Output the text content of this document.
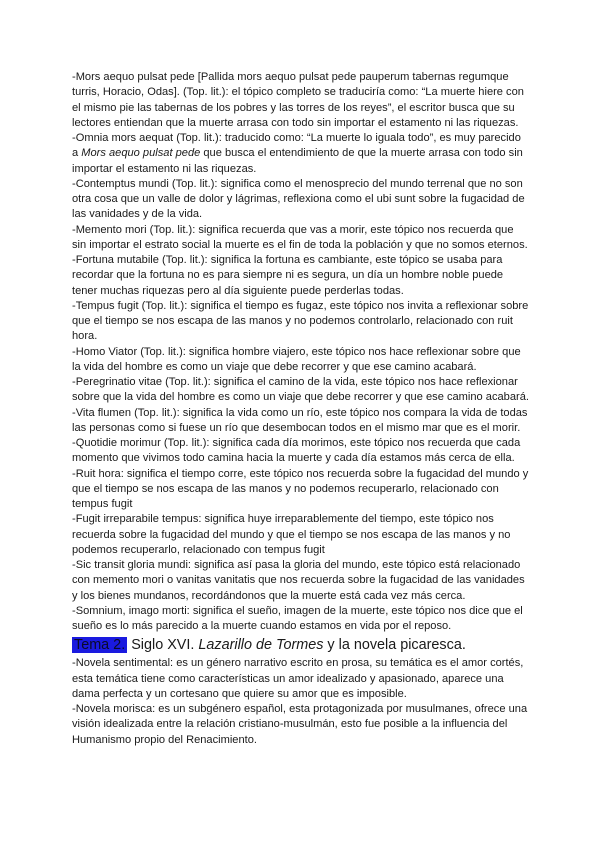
-Mors aequo pulsat pede [Pallida mors aequo pulsat pede pauperum tabernas regumque turris, Horacio, Odas]. (Top. lit.): el tópico completo se traduciría como: “La muerte hiere con el mismo pie las tabernas de los pobres y las torres de los reyes”, el escritor busca que su lectores entiendan que la muerte arrasa con todo sin importar el estamento ni las riquezas.

-Omnia mors aequat (Top. lit.): traducido como: “La muerte lo iguala todo”, es muy parecido a Mors aequo pulsat pede que busca el entendimiento de que la muerte arrasa con todo sin importar el estamento ni las riquezas.

-Contemptus mundi (Top. lit.): significa como el menosprecio del mundo terrenal que no son otra cosa que un valle de dolor y lágrimas, reflexiona como el ubi sunt sobre la fugacidad de las vanidades y de la vida.

-Memento mori (Top. lit.): significa recuerda que vas a morir, este tópico nos recuerda que sin importar el estrato social la muerte es el fin de toda la población y que no somos eternos.

-Fortuna mutabile (Top. lit.): significa la fortuna es cambiante, este tópico se usaba para recordar que la fortuna no es para siempre ni es segura, un día un hombre noble puede tener muchas riquezas pero al día siguiente puede perderlas todas.

-Tempus fugit (Top. lit.): significa el tiempo es fugaz, este tópico nos invita a reflexionar sobre que el tiempo se nos escapa de las manos y no podemos controlarlo, relacionado con ruit hora.

-Homo Viator (Top. lit.): significa hombre viajero, este tópico nos hace reflexionar sobre que la vida del hombre es como un viaje que debe recorrer y que ese camino acabará.

-Peregrinatio vitae (Top. lit.): significa el camino de la vida, este tópico nos hace reflexionar sobre que la vida del hombre es como un viaje que debe recorrer y que ese camino acabará.

-Vita flumen (Top. lit.): significa la vida como un río, este tópico nos compara la vida de todas las personas como si fuese un río que desembocan todos en el mismo mar que es el morir.

-Quotidie morimur (Top. lit.): significa cada día morimos, este tópico nos recuerda que cada momento que vivimos todo camina hacia la muerte y cada día estamos más cerca de ella.

-Ruit hora: significa el tiempo corre, este tópico nos recuerda sobre la fugacidad del mundo y que el tiempo se nos escapa de las manos y no podemos recuperarlo, relacionado con tempus fugit

-Fugit irreparabile tempus: significa huye irreparablemente del tiempo, este tópico nos recuerda sobre la fugacidad del mundo y que el tiempo se nos escapa de las manos y no podemos recuperarlo, relacionado con tempus fugit

-Sic transit gloria mundi: significa así pasa la gloria del mundo, este tópico está relacionado con memento mori o vanitas vanitatis que nos recuerda sobre la fugacidad de las vanidades y los bienes mundanos, recordándonos que la muerte está cada vez más cerca.

-Somnium, imago morti: significa el sueño, imagen de la muerte, este tópico nos dice que el sueño es lo más parecido a la muerte cuando estamos en vida por el reposo.

Tema 2. Siglo XVI. Lazarillo de Tormes y la novela picaresca.

-Novela sentimental: es un género narrativo escrito en prosa, su temática es el amor cortés, esta temática tiene como características un amor idealizado y apasionado, aparece una dama perfecta y un cortesano que quiere su amor que es imposible.

-Novela morisca: es un subgénero español, esta protagonizada por musulmanes, ofrece una visión idealizada entre la relación cristiano-musulmán, esto fue posible a la influencia del Humanismo propio del Renacimiento.
